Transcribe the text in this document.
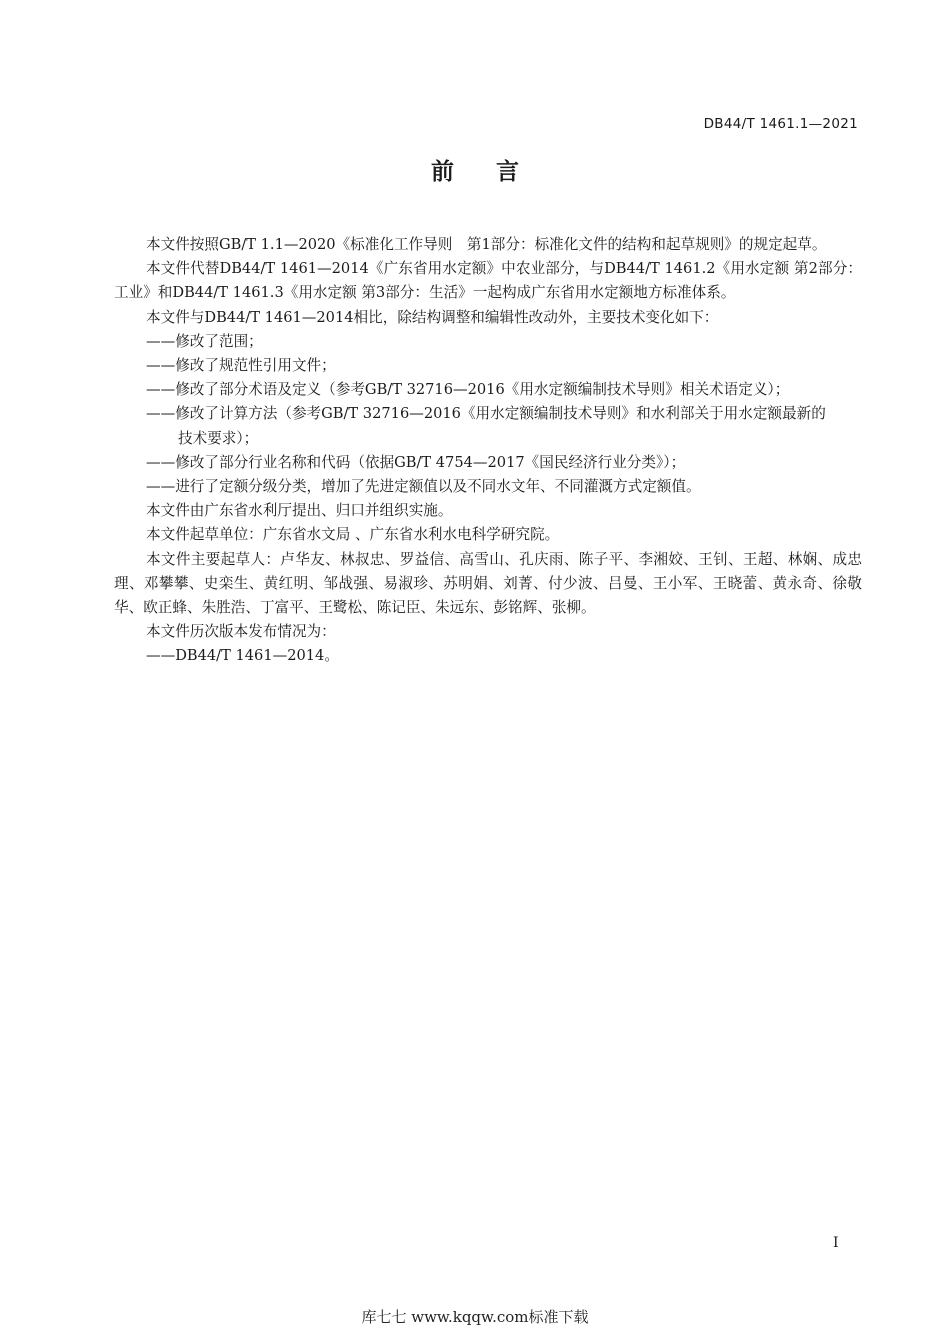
DB44/T 1461.1—2021
前 言

本文件按照GB/T 1.1—2020《标准化工作导则　第1部分：标准化文件的结构和起草规则》的规定起草。

本文件代替DB44/T 1461—2014《广东省用水定额》中农业部分，与DB44/T 1461.2《用水定额 第2部分：工业》和DB44/T 1461.3《用水定额 第3部分：生活》一起构成广东省用水定额地方标准体系。

本文件与DB44/T 1461—2014相比，除结构调整和编辑性改动外，主要技术变化如下：

——修改了范围；

——修改了规范性引用文件；

——修改了部分术语及定义（参考GB/T 32716—2016《用水定额编制技术导则》相关术语定义）；

——修改了计算方法（参考GB/T 32716—2016《用水定额编制技术导则》和水利部关于用水定额最新的技术要求）；

——修改了部分行业名称和代码（依据GB/T 4754—2017《国民经济行业分类》）；

——进行了定额分级分类，增加了先进定额值以及不同水文年、不同灌溉方式定额值。

本文件由广东省水利厅提出、归口并组织实施。

本文件起草单位：广东省水文局 、广东省水利水电科学研究院。

本文件主要起草人：卢华友、林叔忠、罗益信、高雪山、孔庆雨、陈子平、李湘姣、王钊、王超、林娴、成忠理、邓攀攀、史栾生、黄红明、邹战强、易淑珍、苏明娟、刘菁、付少波、吕曼、王小军、王晓蕾、黄永奇、徐敬华、欧正蜂、朱胜浩、丁富平、王鹭松、陈记臣、朱远东、彭铭辉、张柳。

本文件历次版本发布情况为：

——DB44/T 1461—2014。

I
库七七 www.kqqw.com标准下载
